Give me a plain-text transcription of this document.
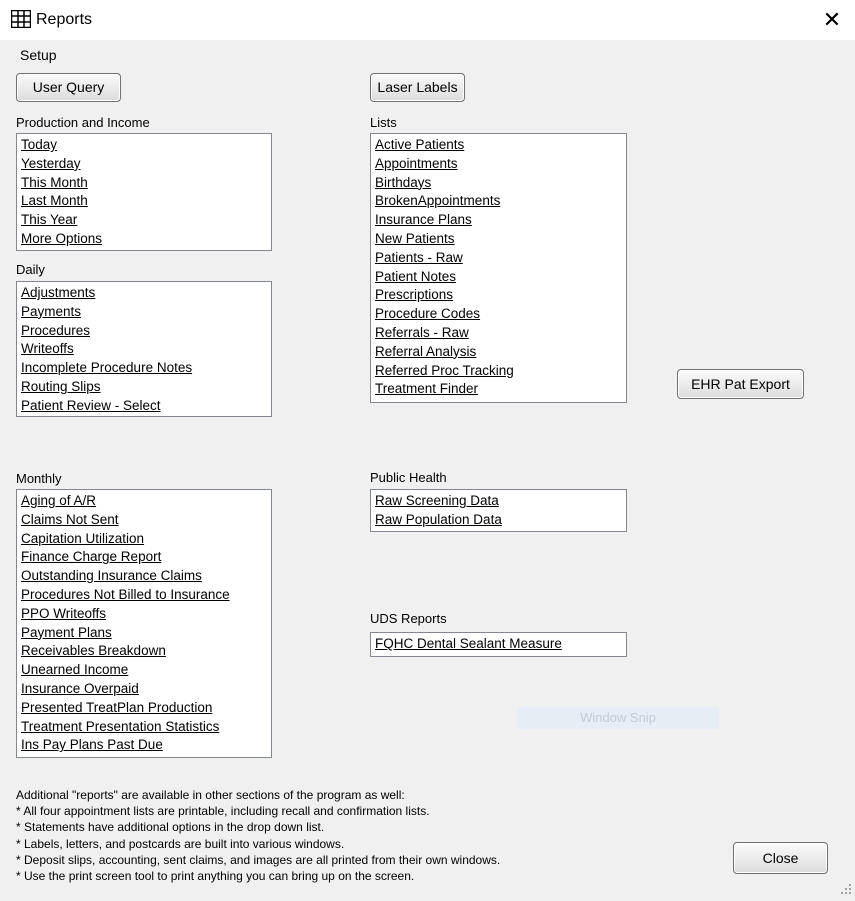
Reports	✕
Setup
User Query	Laser Labels
EHR Pat Export
Close
Production and Income
Today
Yesterday
This Month
Last Month
This Year
More Options
Daily
Adjustments
Payments
Procedures
Writeoffs
Incomplete Procedure Notes
Routing Slips
Patient Review - Select
Monthly
Aging of A/R
Claims Not Sent
Capitation Utilization
Finance Charge Report
Outstanding Insurance Claims
Procedures Not Billed to Insurance
PPO Writeoffs
Payment Plans
Receivables Breakdown
Unearned Income
Insurance Overpaid
Presented TreatPlan Production
Treatment Presentation Statistics
Ins Pay Plans Past Due
Lists
Active Patients
Appointments
Birthdays
BrokenAppointments
Insurance Plans
New Patients
Patients - Raw
Patient Notes
Prescriptions
Procedure Codes
Referrals - Raw
Referral Analysis
Referred Proc Tracking
Treatment Finder
Public Health
Raw Screening Data
Raw Population Data
UDS Reports
FQHC Dental Sealant Measure
Window Snip
Additional "reports" are available in other sections of the program as well:
* All four appointment lists are printable, including recall and confirmation lists.
* Statements have additional options in the drop down list.
* Labels, letters, and postcards are built into various windows.
* Deposit slips, accounting, sent claims, and images are all printed from their own windows.
* Use the print screen tool to print anything you can bring up on the screen.
